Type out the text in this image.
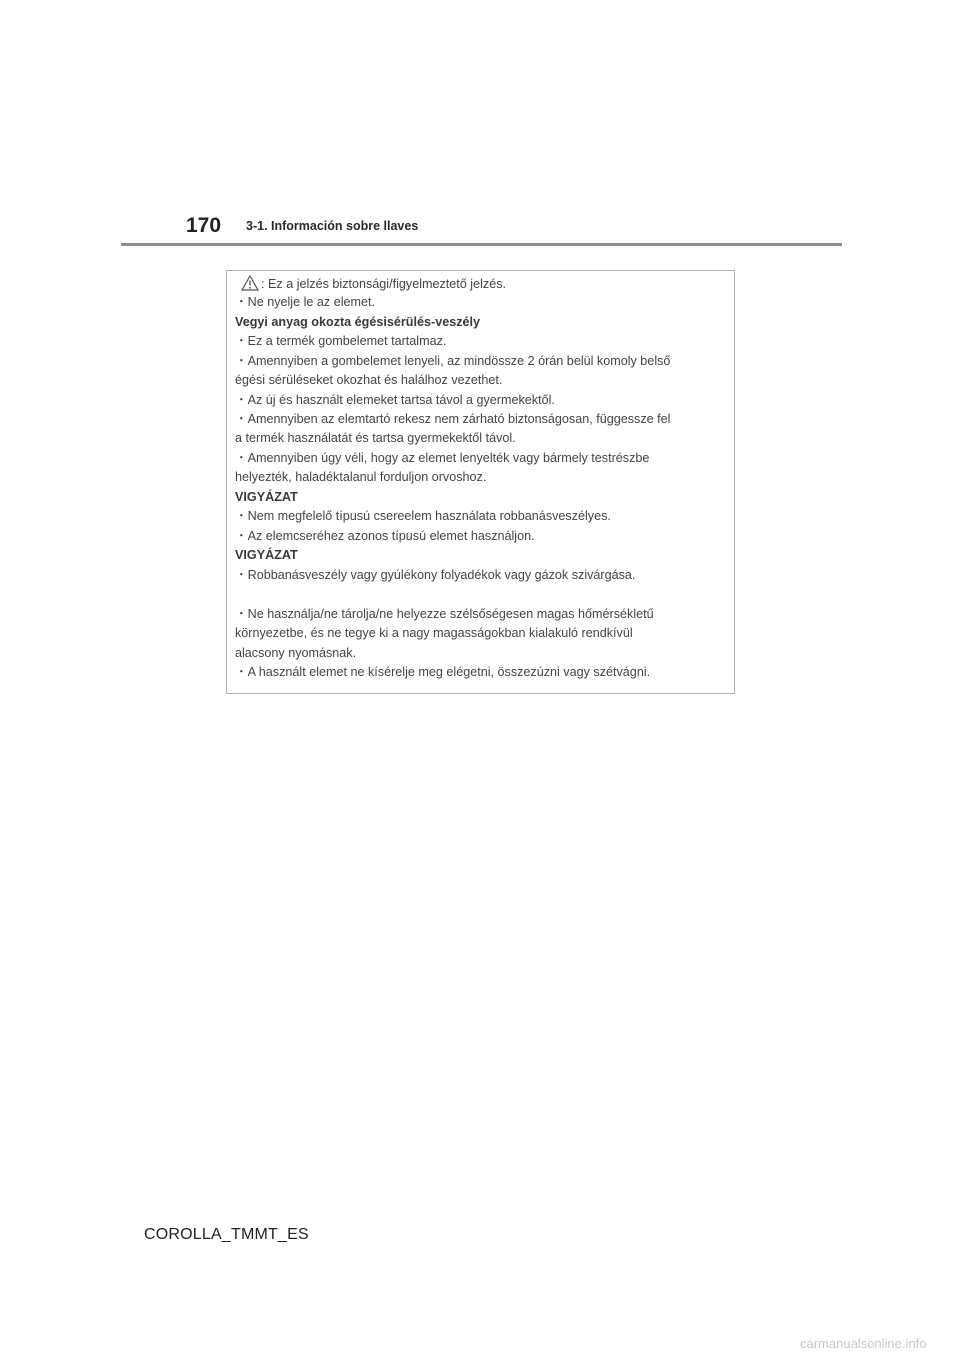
170 3-1. Información sobre llaves
: Ez a jelzés biztonsági/figyelmeztető jelzés.
・Ne nyelje le az elemet.
Vegyi anyag okozta égésisérülés-veszély
・Ez a termék gombelemet tartalmaz.
・Amennyiben a gombelemet lenyeli, az mindössze 2 órán belül komoly belső
égési sérüléseket okozhat és halálhoz vezethet.
・Az új és használt elemeket tartsa távol a gyermekektől.
・Amennyiben az elemtartó rekesz nem zárható biztonságosan, függessze fel
a termék használatát és tartsa gyermekektől távol.
・Amennyiben úgy véli, hogy az elemet lenyelték vagy bármely testrészbe
helyezték, haladéktalanul forduljon orvoshoz.
VIGYÁZAT
・Nem megfelelő típusú csereelem használata robbanásveszélyes.
・Az elemcseréhez azonos típusú elemet használjon.
VIGYÁZAT
・Robbanásveszély vagy gyúlékony folyadékok vagy gázok szivárgása.
・Ne használja/ne tárolja/ne helyezze szélsőségesen magas hőmérsékletű
környezetbe, és ne tegye ki a nagy magasságokban kialakuló rendkívül
alacsony nyomásnak.
・A használt elemet ne kísérelje meg elégetni, összezúzni vagy szétvágni.
COROLLA_TMMT_ES
carmanualsonline.info
